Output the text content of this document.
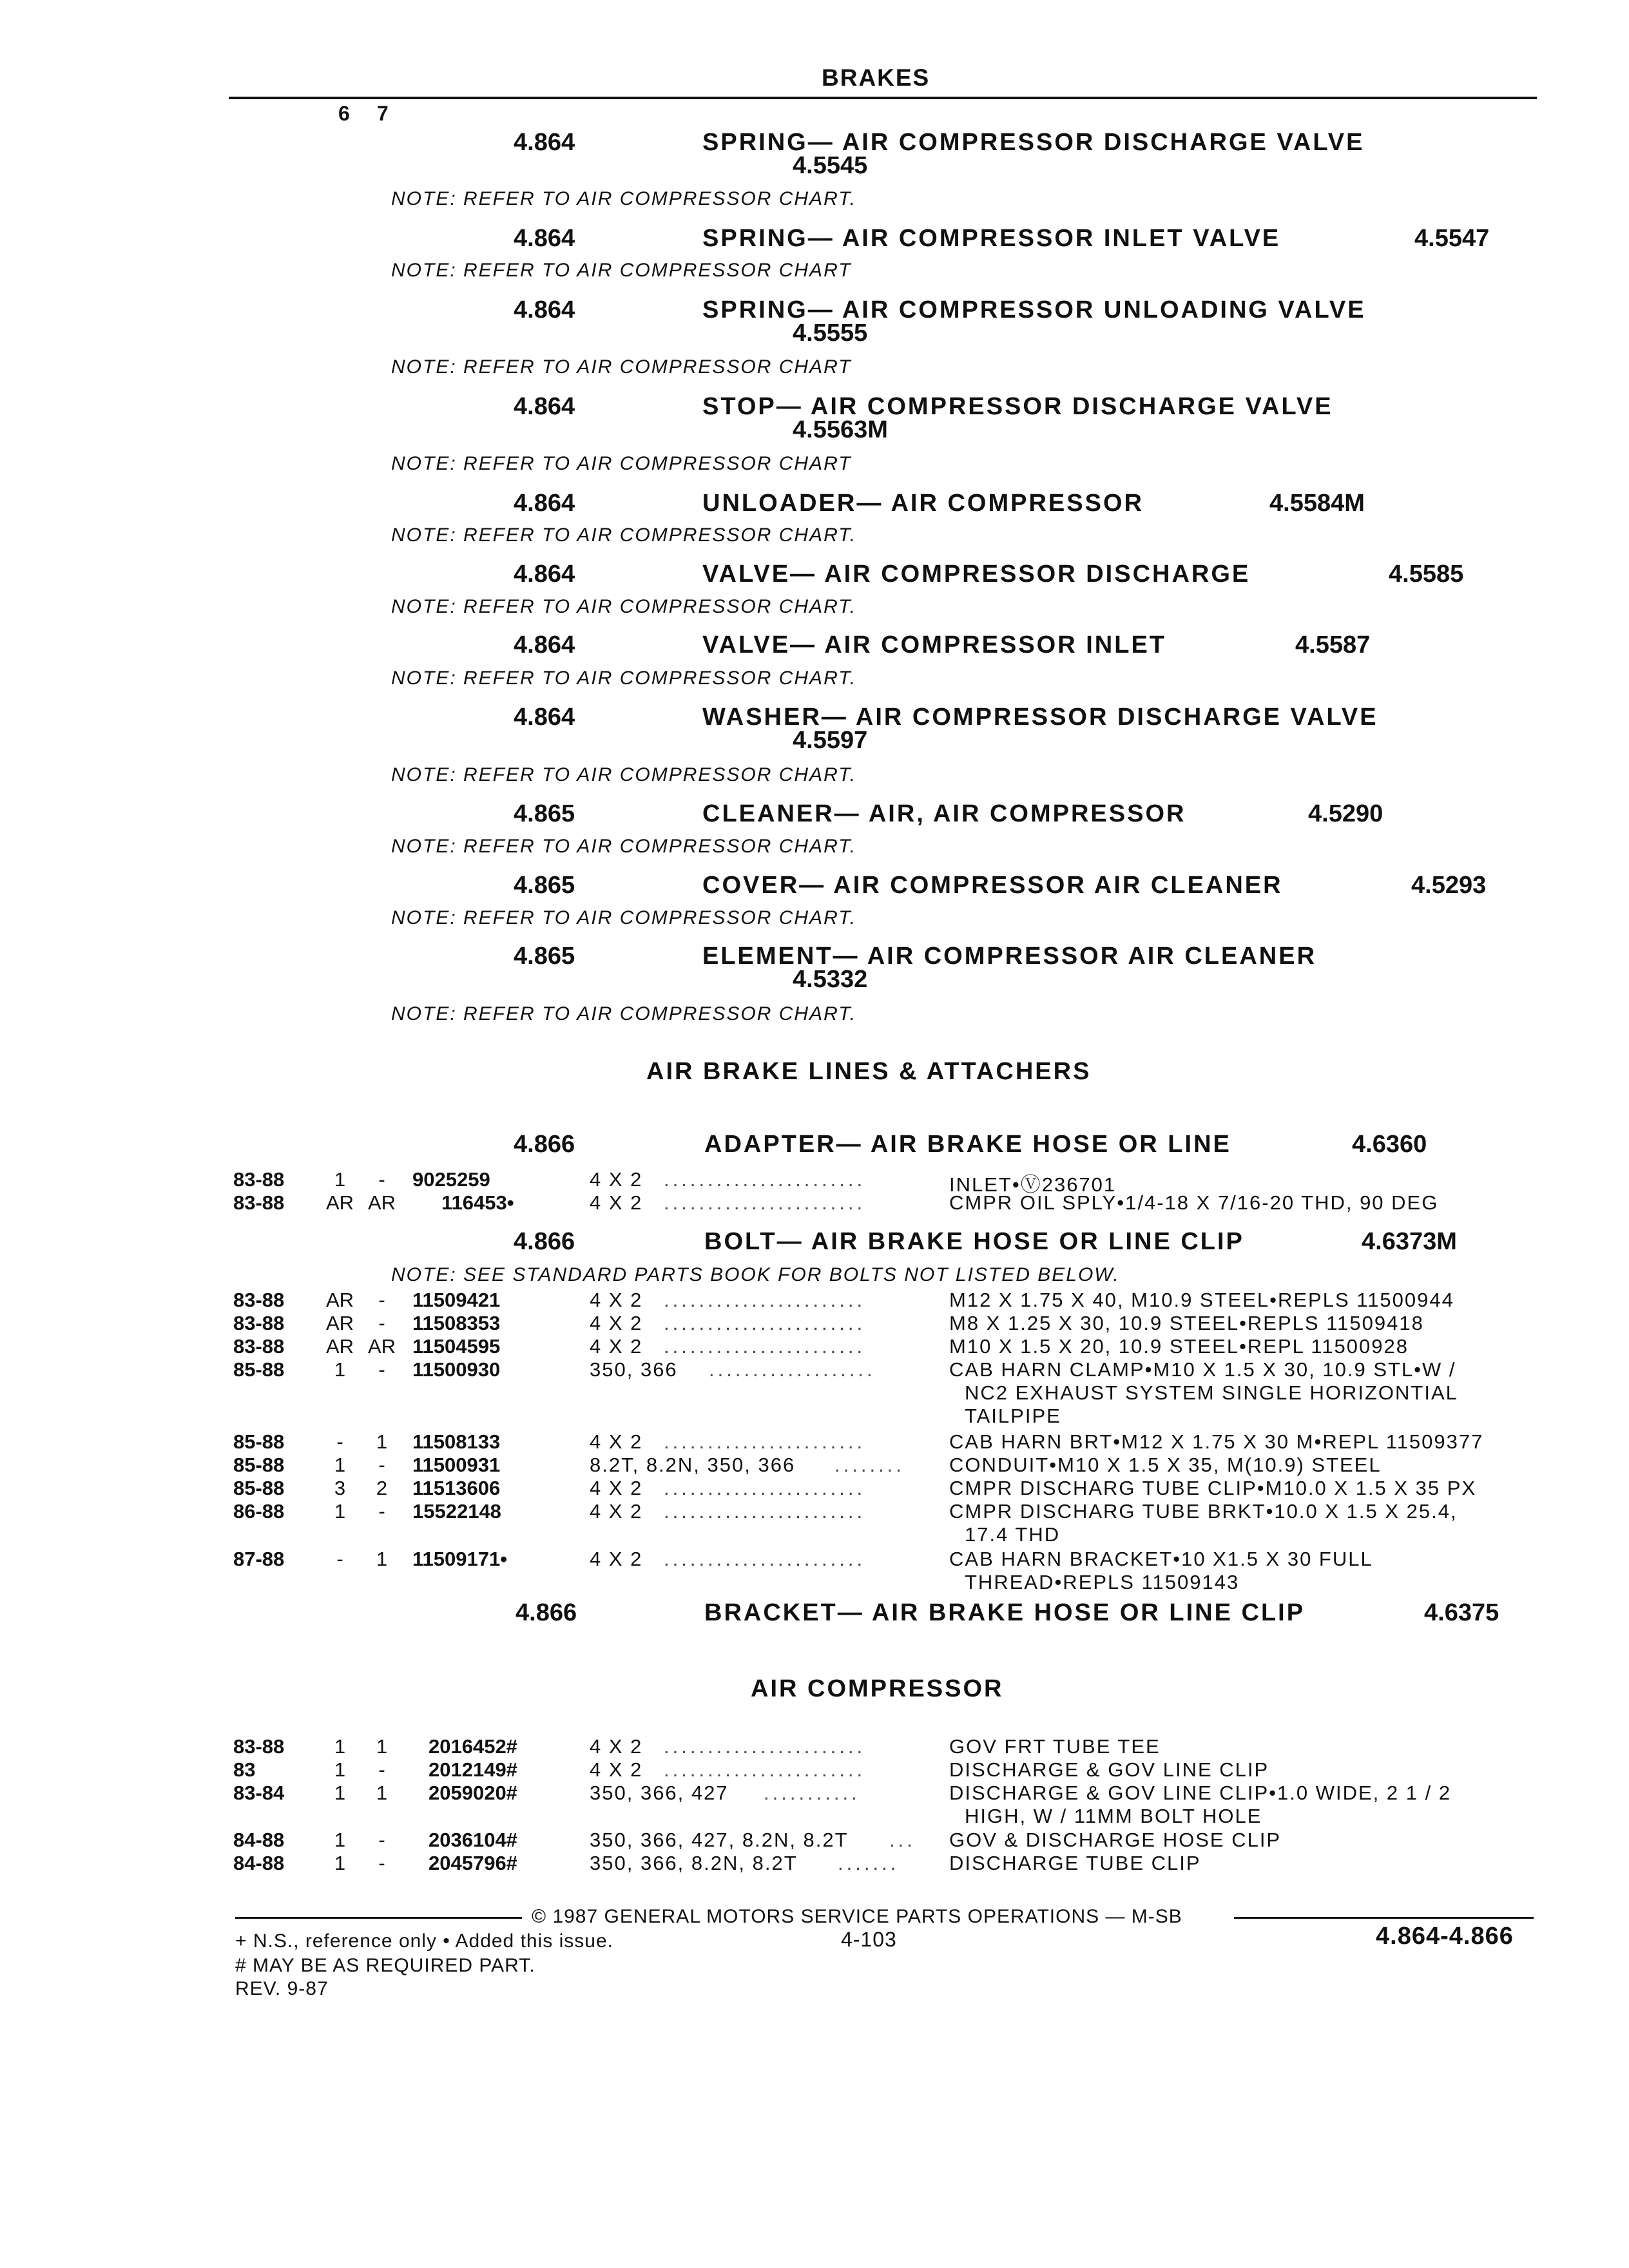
BRAKES
6 7
4.864	SPRING— AIR COMPRESSOR DISCHARGE VALVE
4.5545
NOTE: REFER TO AIR COMPRESSOR CHART.
4.864	SPRING— AIR COMPRESSOR INLET VALVE	4.5547
NOTE: REFER TO AIR COMPRESSOR CHART
4.864	SPRING— AIR COMPRESSOR UNLOADING VALVE
4.5555
NOTE: REFER TO AIR COMPRESSOR CHART
4.864	STOP— AIR COMPRESSOR DISCHARGE VALVE
4.5563M
NOTE: REFER TO AIR COMPRESSOR CHART
4.864	UNLOADER— AIR COMPRESSOR	4.5584M
NOTE: REFER TO AIR COMPRESSOR CHART.
4.864	VALVE— AIR COMPRESSOR DISCHARGE	4.5585
NOTE: REFER TO AIR COMPRESSOR CHART.
4.864	VALVE— AIR COMPRESSOR INLET	4.5587
NOTE: REFER TO AIR COMPRESSOR CHART.
4.864	WASHER— AIR COMPRESSOR DISCHARGE VALVE
4.5597
NOTE: REFER TO AIR COMPRESSOR CHART.
4.865	CLEANER— AIR, AIR COMPRESSOR	4.5290
NOTE: REFER TO AIR COMPRESSOR CHART.
4.865	COVER— AIR COMPRESSOR AIR CLEANER	4.5293
NOTE: REFER TO AIR COMPRESSOR CHART.
4.865	ELEMENT— AIR COMPRESSOR AIR CLEANER
4.5332
NOTE: REFER TO AIR COMPRESSOR CHART.
AIR BRAKE LINES & ATTACHERS
4.866	ADAPTER— AIR BRAKE HOSE OR LINE	4.6360
83-88	1	-	9025259	4 X 2 .......................	INLET•Ⓥ236701
83-88 AR AR 116453•	4 X 2 .......................	CMPR OIL SPLY•1/4-18 X 7/16-20 THD, 90 DEG
4.866	BOLT— AIR BRAKE HOSE OR LINE CLIP	4.6373M
NOTE: SEE STANDARD PARTS BOOK FOR BOLTS NOT LISTED BELOW.
83-88 AR	-	11509421	4 X 2 .......................	M12 X 1.75 X 40, M10.9 STEEL•REPLS 11500944
83-88 AR	-	11508353	4 X 2 .......................	M8 X 1.25 X 30, 10.9 STEEL•REPLS 11509418
83-88 AR AR 11504595	4 X 2 .......................	M10 X 1.5 X 20, 10.9 STEEL•REPL 11500928
85-88	1	-	11500930	350, 366 ...................	CAB HARN CLAMP•M10 X 1.5 X 30, 10.9 STL•W /
NC2 EXHAUST SYSTEM SINGLE HORIZONTIAL
TAILPIPE
85-88	-	1	11508133	4 X 2 .......................	CAB HARN BRT•M12 X 1.75 X 30 M•REPL 11509377
85-88	1	-	11500931	8.2T, 8.2N, 350, 366 ........ CONDUIT•M10 X 1.5 X 35, M(10.9) STEEL
85-88	3	2	11513606	4 X 2 .......................	CMPR DISCHARG TUBE CLIP•M10.0 X 1.5 X 35 PX
86-88	1	-	15522148	4 X 2 .......................	CMPR DISCHARG TUBE BRKT•10.0 X 1.5 X 25.4,
17.4 THD
87-88	-	1	11509171•	4 X 2 .......................	CAB HARN BRACKET•10 X1.5 X 30 FULL
THREAD•REPLS 11509143
4.866	BRACKET— AIR BRAKE HOSE OR LINE CLIP	4.6375
AIR COMPRESSOR
83-88	1	1	2016452#	4 X 2 .......................	GOV FRT TUBE TEE
83	1	-	2012149#	4 X 2 .......................	DISCHARGE & GOV LINE CLIP
83-84	1	1	2059020#	350, 366, 427 ...........	DISCHARGE & GOV LINE CLIP•1.0 WIDE, 2 1 / 2
HIGH, W / 11MM BOLT HOLE
84-88	1	-	2036104#	350, 366, 427, 8.2N, 8.2T ... GOV & DISCHARGE HOSE CLIP
84-88	1	-	2045796#	350, 366, 8.2N, 8.2T .......	DISCHARGE TUBE CLIP
© 1987 GENERAL MOTORS SERVICE PARTS OPERATIONS — M-SB
+ N.S., reference only • Added this issue.	4-103	4.864-4.866
# MAY BE AS REQUIRED PART.
REV. 9-87
